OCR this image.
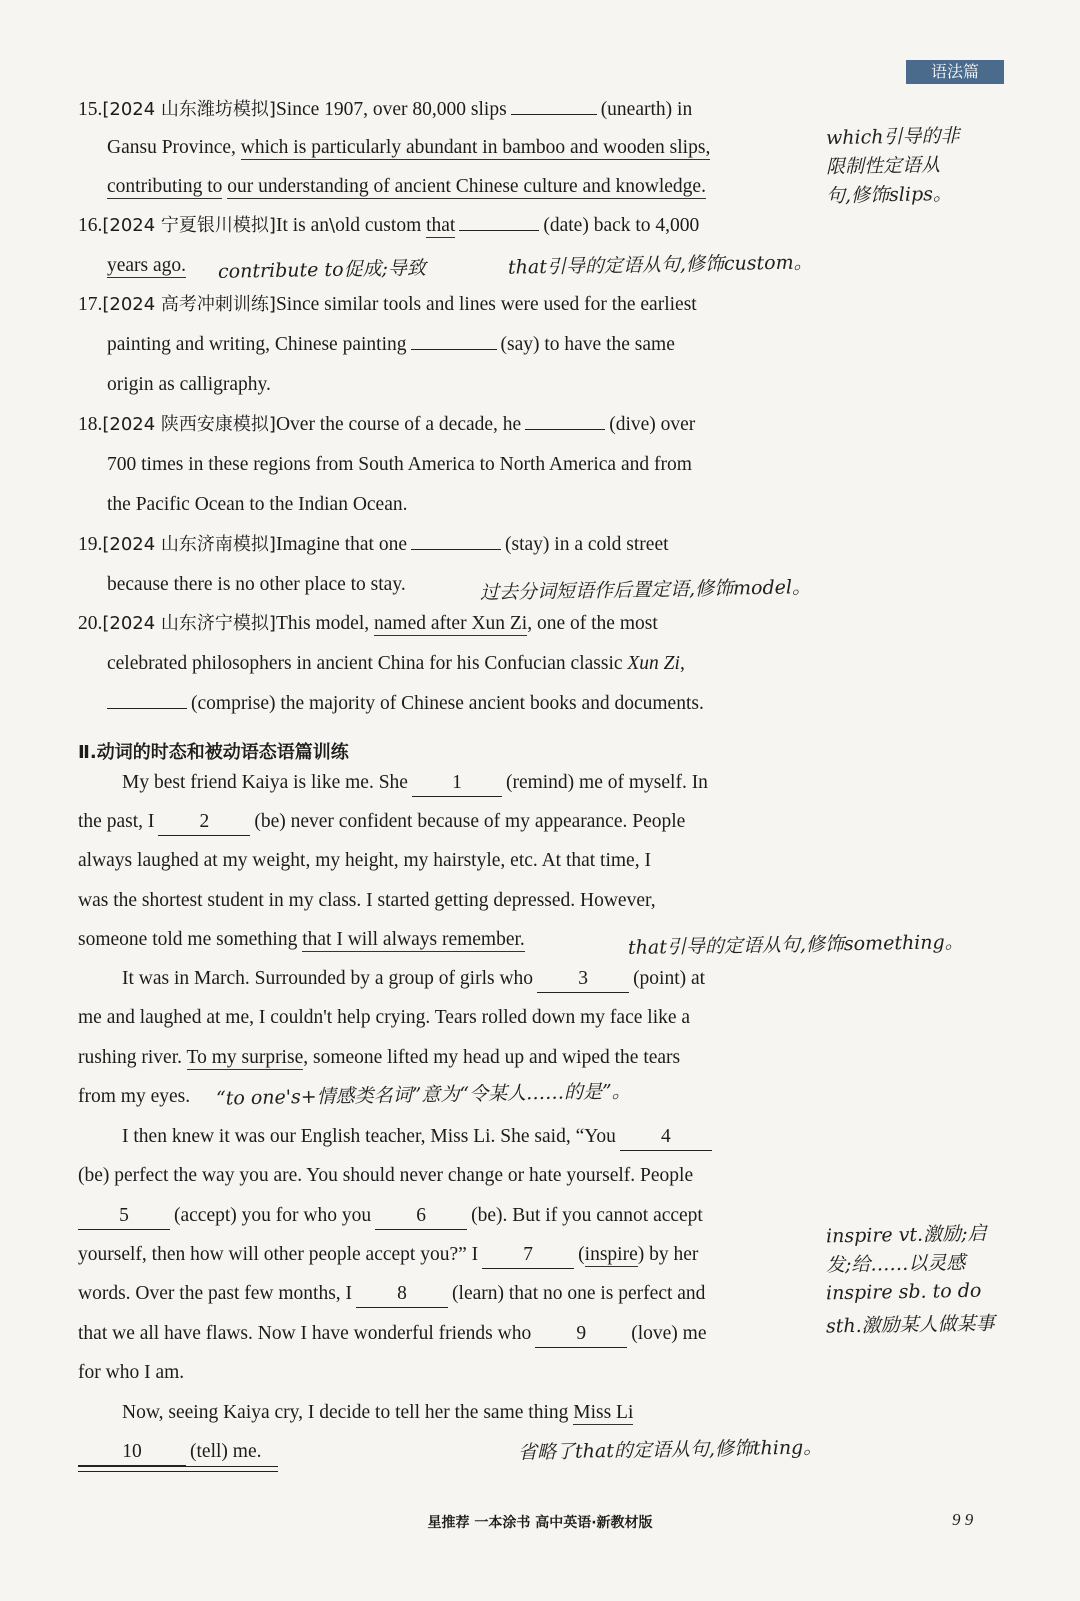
语法篇
15.[2024 山东潍坊模拟]Since 1907, over 80,000 slips	(unearth) in
Gansu Province, which is particularly abundant in bamboo and wooden slips,
contributing to our understanding of ancient Chinese culture and knowledge.
16.[2024 宁夏银川模拟]It is an\old custom that	(date) back to 4,000
years ago.
17.[2024 高考冲刺训练]Since similar tools and lines were used for the earliest
painting and writing, Chinese painting	(say) to have the same
origin as calligraphy.
18.[2024 陕西安康模拟]Over the course of a decade, he	(dive) over
700 times in these regions from South America to North America and from
the Pacific Ocean to the Indian Ocean.
19.[2024 山东济南模拟]Imagine that one	(stay) in a cold street
because there is no other place to stay.
20.[2024 山东济宁模拟]This model, named after Xun Zi, one of the most
celebrated philosophers in ancient China for his Confucian classic Xun Zi,
(comprise) the majority of Chinese ancient books and documents.
Ⅱ.动词的时态和被动语态语篇训练
My best friend Kaiya is like me. She 1 (remind) me of myself. In
the past, I 2 (be) never confident because of my appearance. People
always laughed at my weight, my height, my hairstyle, etc. At that time, I
was the shortest student in my class. I started getting depressed. However,
someone told me something that I will always remember.
It was in March. Surrounded by a group of girls who 3 (point) at
me and laughed at me, I couldn't help crying. Tears rolled down my face like a
rushing river. To my surprise, someone lifted my head up and wiped the tears
from my eyes.
I then knew it was our English teacher, Miss Li. She said, “You 4
(be) perfect the way you are. You should never change or hate yourself. People
5 (accept) you for who you 6 (be). But if you cannot accept
yourself, then how will other people accept you?” I 7 (inspire) by her
words. Over the past few months, I 8 (learn) that no one is perfect and
that we all have flaws. Now I have wonderful friends who 9 (love) me
for who I am.
Now, seeing Kaiya cry, I decide to tell her the same thing Miss Li
10 (tell) me.
which引导的非
限制性定语从
句,修饰slips。
contribute to促成;导致	that引导的定语从句,修饰custom。
过去分词短语作后置定语,修饰model。
that引导的定语从句,修饰something。
“to one's+情感类名词”意为“令某人……的是”。
inspire vt.激励;启
发;给……以灵感
inspire sb. to do
sth.激励某人做某事
省略了that的定语从句,修饰thing。
星推荐 一本涂书 高中英语·新教材版	9 9
